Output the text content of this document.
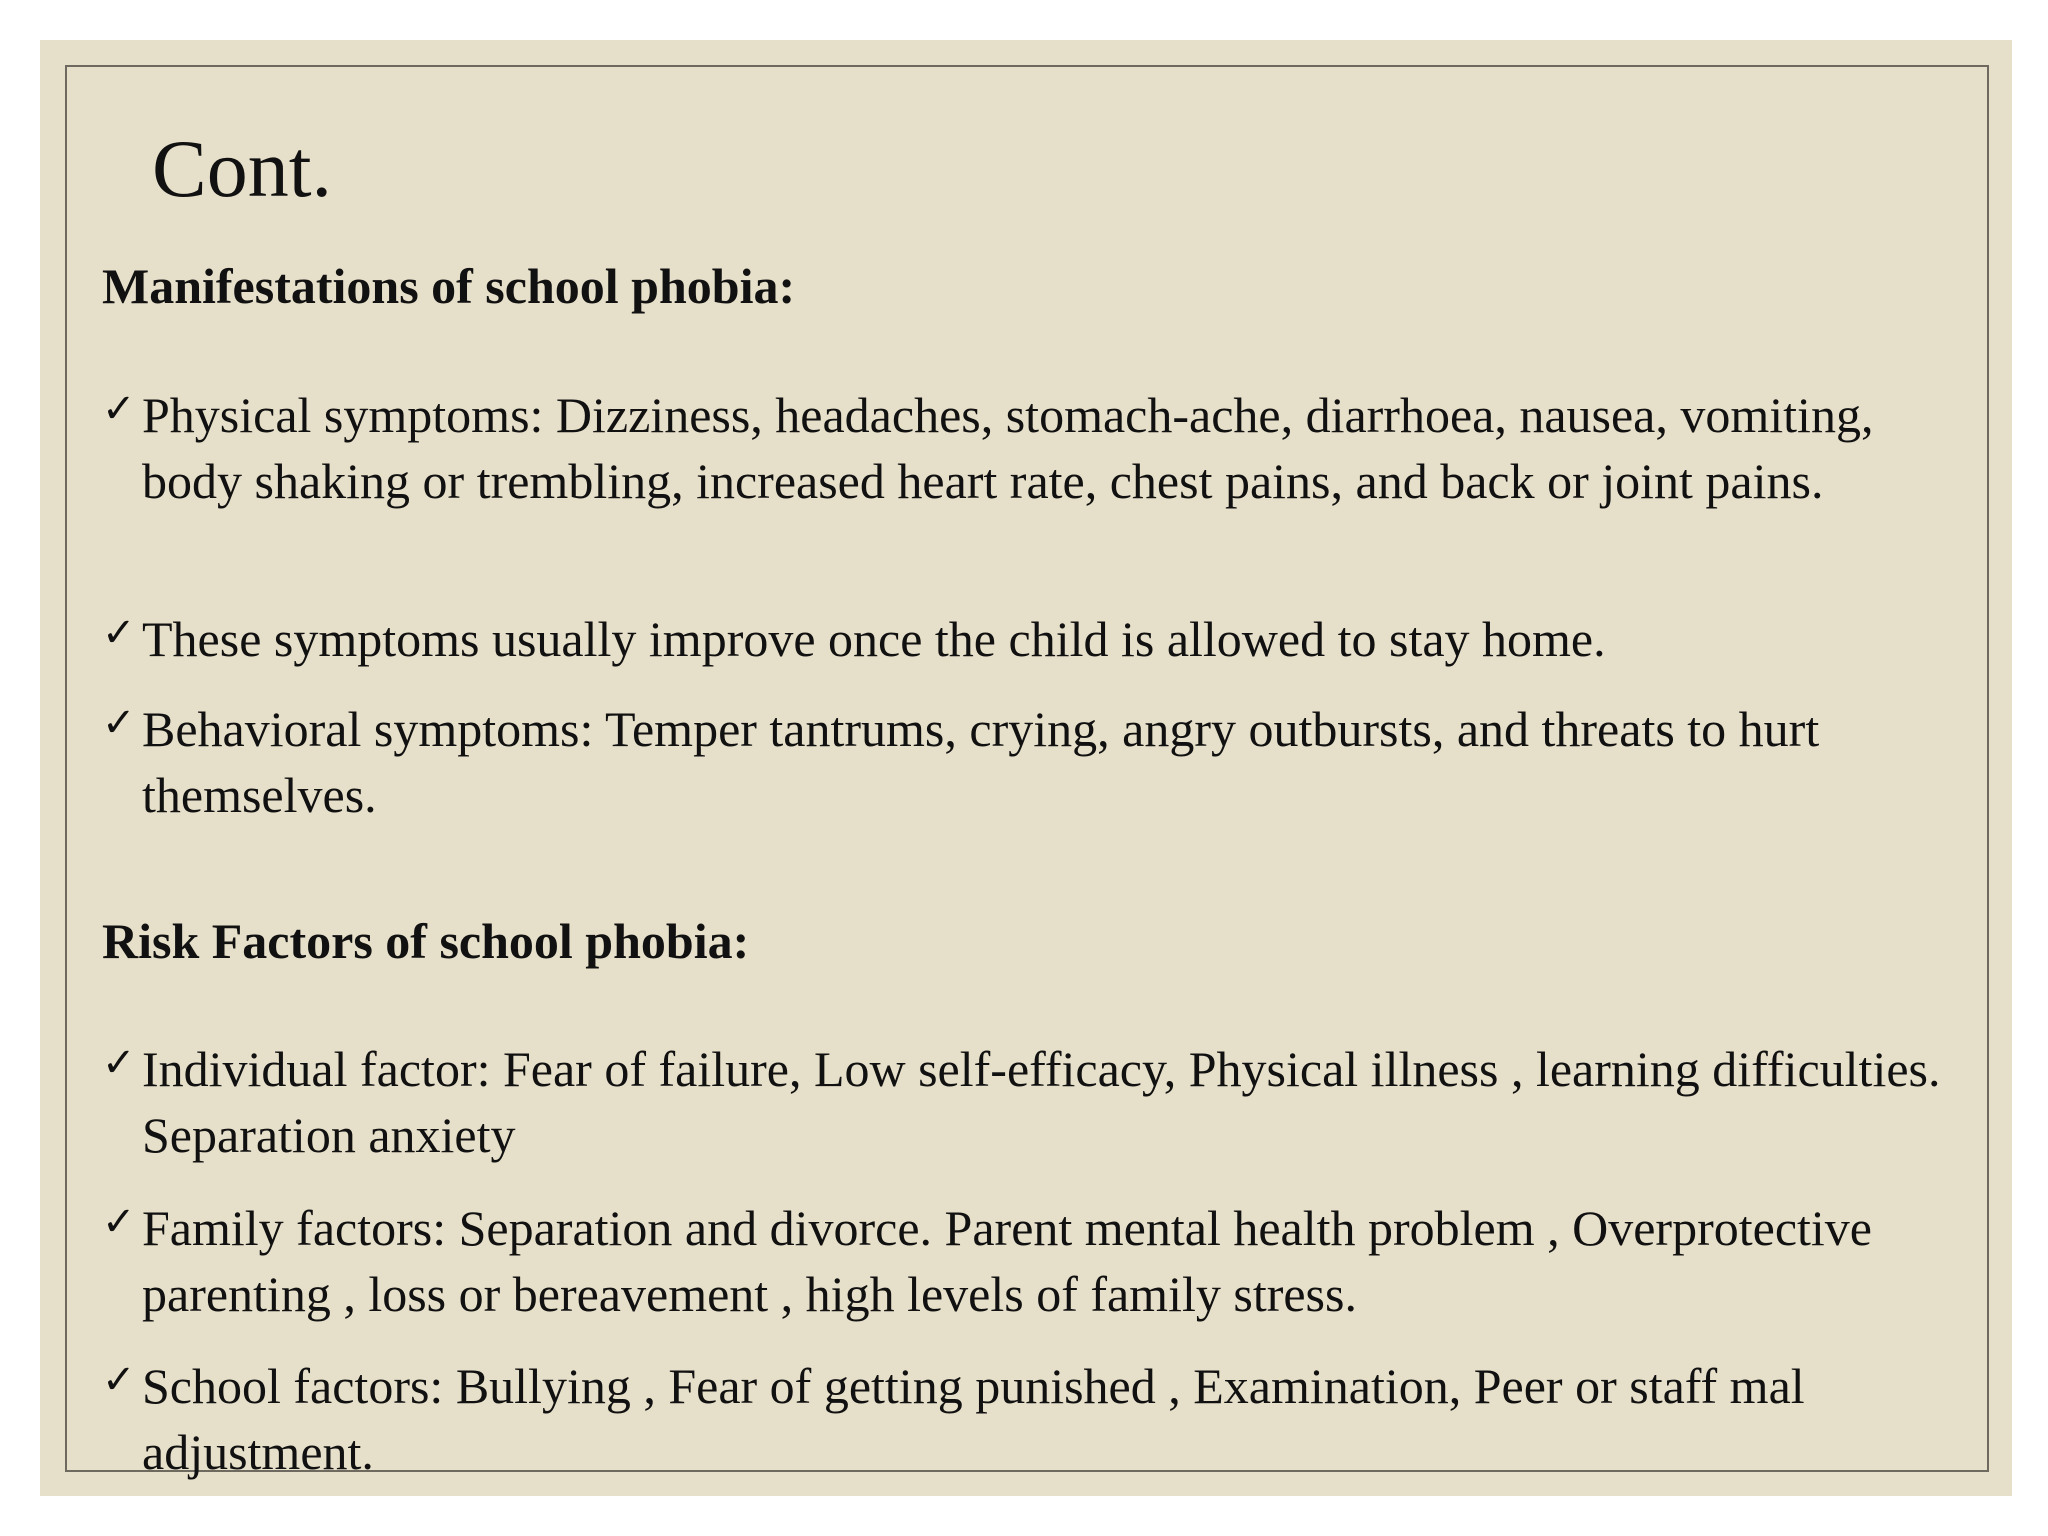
Cont.
Manifestations of school phobia:

✓ Physical symptoms: Dizziness, headaches, stomach-ache, diarrhoea, nausea, vomiting, body shaking or trembling, increased heart rate, chest pains, and back or joint pains.

✓ These symptoms usually improve once the child is allowed to stay home.

✓ Behavioral symptoms: Temper tantrums, crying, angry outbursts, and threats to hurt themselves.

Risk Factors of school phobia:

✓ Individual factor: Fear of failure, Low self-efficacy, Physical illness , learning difficulties. Separation anxiety

✓ Family factors: Separation and divorce. Parent mental health problem , Overprotective parenting , loss or bereavement , high levels of family stress.

✓ School factors: Bullying , Fear of getting punished , Examination, Peer or staff mal adjustment.
